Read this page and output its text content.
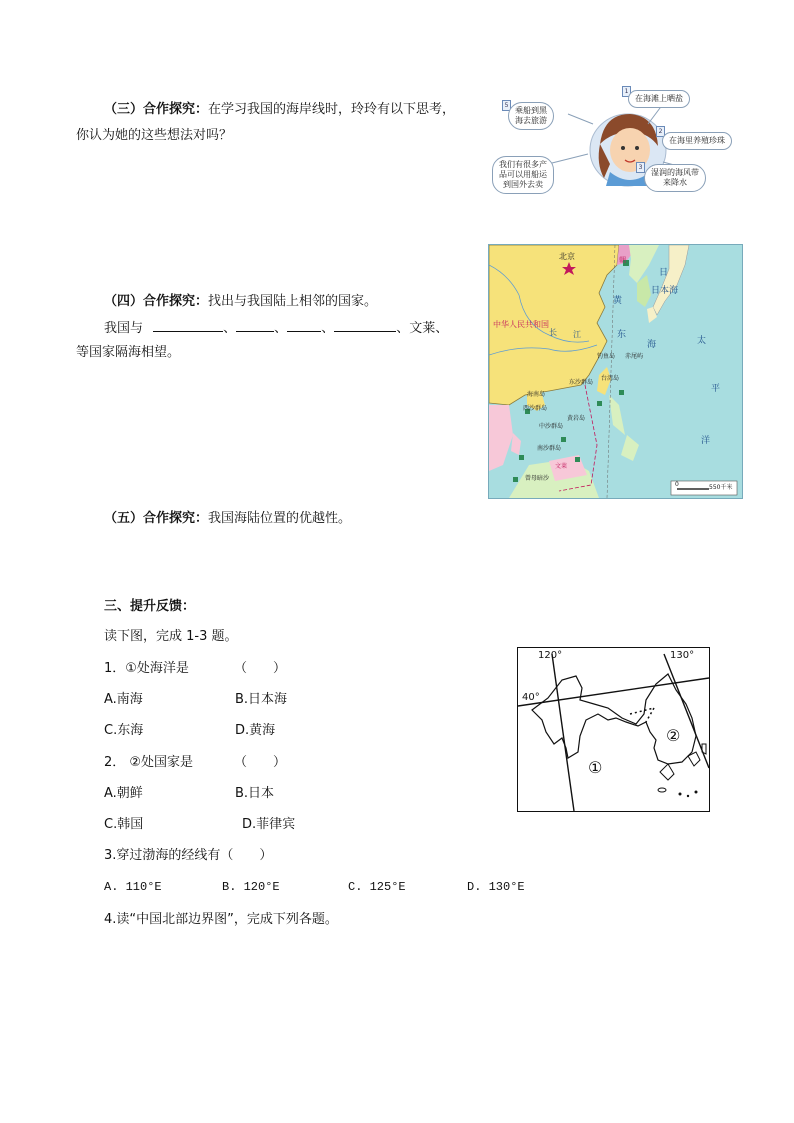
（三）合作探究：在学习我国的海岸线时，玲玲有以下思考，
你认为她的这些想法对吗？
1
在海滩上晒盐
2
在海里养殖珍珠
3
湿润的海风带
来降水
5
乘船到黑
海去旅游
我们有很多产
品可以用船运
到国外去卖
（四）合作探究：找出与我国陆上相邻的国家。
我国与	、	、	、	、文莱、
等国家隔海相望。
北京
中华人民共和国
朝
日
日本海
黄
长 江	东
海	太
平
洋
钓鱼岛 赤尾屿
台湾岛
东沙群岛
海南岛
西沙群岛
黄岩岛
中沙群岛
南沙群岛
文莱
曾母暗沙
0	550千米
（五）合作探究：我国海陆位置的优越性。
三、提升反馈：
读下图，完成 1-3 题。
1．①处海洋是	（　　）
A.南海	B.日本海
C.东海	D.黄海
2． ②处国家是	（　　）
A.朝鲜	B.日本
C.韩国	D.菲律宾
3.穿过渤海的经线有（　　）
A. 110°E	B. 120°E	C. 125°E	D. 130°E
4.读“中国北部边界图”，完成下列各题。
120°	130°
40°
①
②
